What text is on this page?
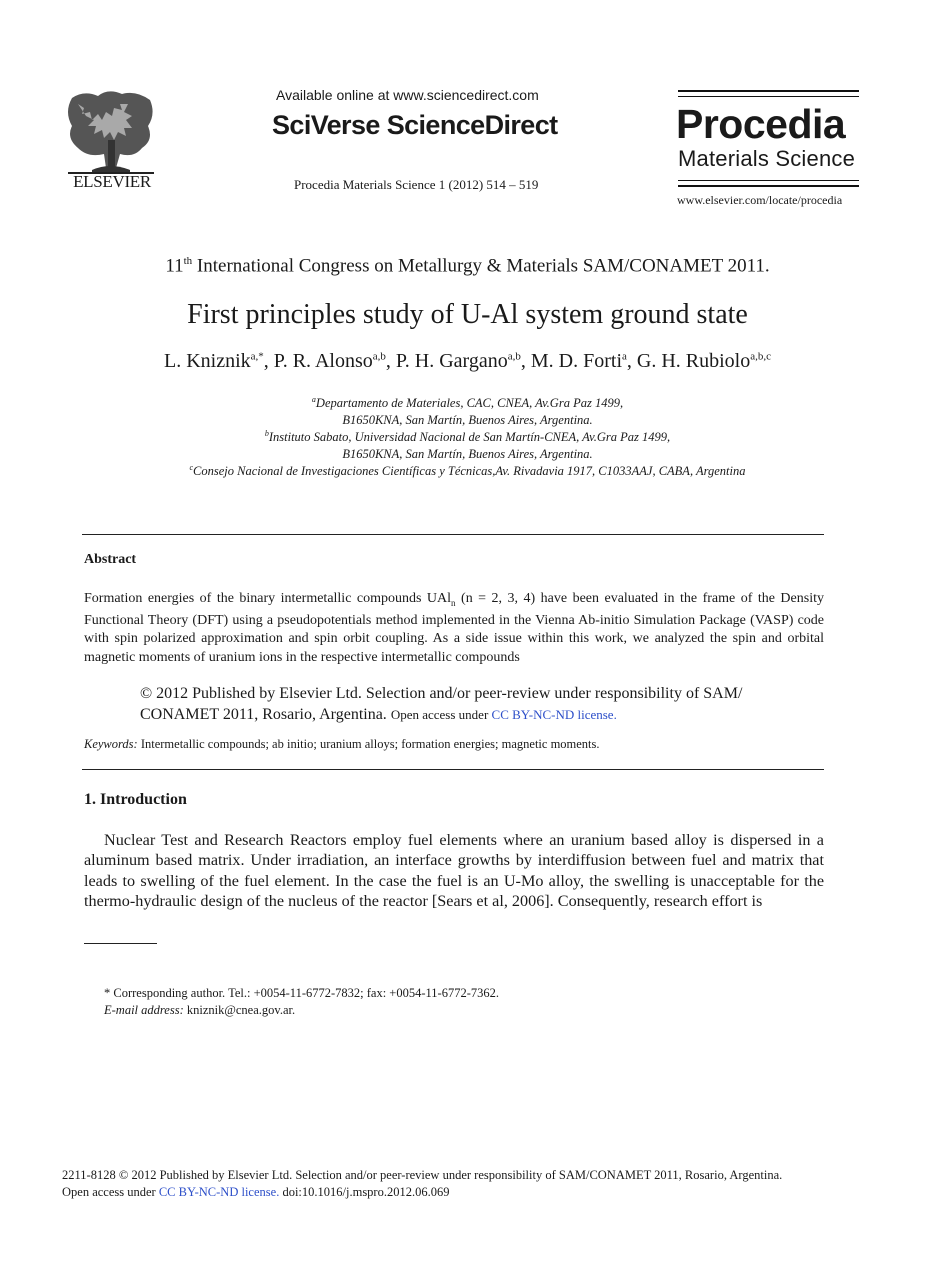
ELSEVIER
Available online at www.sciencedirect.com
SciVerse ScienceDirect
Procedia Materials Science 1 (2012) 514 – 519
Procedia
Materials Science
www.elsevier.com/locate/procedia
11th International Congress on Metallurgy & Materials SAM/CONAMET 2011.
First principles study of U-Al system ground state
L. Kniznik$^{a,*}$, P. R. Alonso$^{a,b}$, P. H. Gargano$^{a,b}$, M. D. Forti$^a$, G. H. Rubiolo$^{a,b,c}$
$^a$Departamento de Materiales, CAC, CNEA, Av.Gra Paz 1499,
B1650KNA, San Martín, Buenos Aires, Argentina.
$^b$Instituto Sabato, Universidad Nacional de San Martín-CNEA, Av.Gra Paz 1499,
B1650KNA, San Martín, Buenos Aires, Argentina.
$^c$Consejo Nacional de Investigaciones Científicas y Técnicas,Av. Rivadavia 1917, C1033AAJ, CABA, Argentina
Abstract
Formation energies of the binary intermetallic compounds UAl$_n$ (n = 2, 3, 4) have been evaluated in the frame of the Density Functional Theory (DFT) using a pseudopotentials method implemented in the Vienna Ab-initio Simulation Package (VASP) code with spin polarized approximation and spin orbit coupling. As a side issue within this work, we analyzed the spin and orbital magnetic moments of uranium ions in the respective intermetallic compounds
© 2012 Published by Elsevier Ltd. Selection and/or peer-review under responsibility of SAM/ CONAMET 2011, Rosario, Argentina. Open access under CC BY-NC-ND license.
Keywords: Intermetallic compounds; ab initio; uranium alloys; formation energies; magnetic moments.
1. Introduction
Nuclear Test and Research Reactors employ fuel elements where an uranium based alloy is dispersed in a aluminum based matrix. Under irradiation, an interface growths by interdiffusion between fuel and matrix that leads to swelling of the fuel element. In the case the fuel is an U-Mo alloy, the swelling is unacceptable for the thermo-hydraulic design of the nucleus of the reactor [Sears et al, 2006]. Consequently, research effort is
* Corresponding author. Tel.: +0054-11-6772-7832; fax: +0054-11-6772-7362.
E-mail address: kniznik@cnea.gov.ar.
2211-8128 © 2012 Published by Elsevier Ltd. Selection and/or peer-review under responsibility of SAM/CONAMET 2011, Rosario, Argentina.
Open access under CC BY-NC-ND license. doi:10.1016/j.mspro.2012.06.069
